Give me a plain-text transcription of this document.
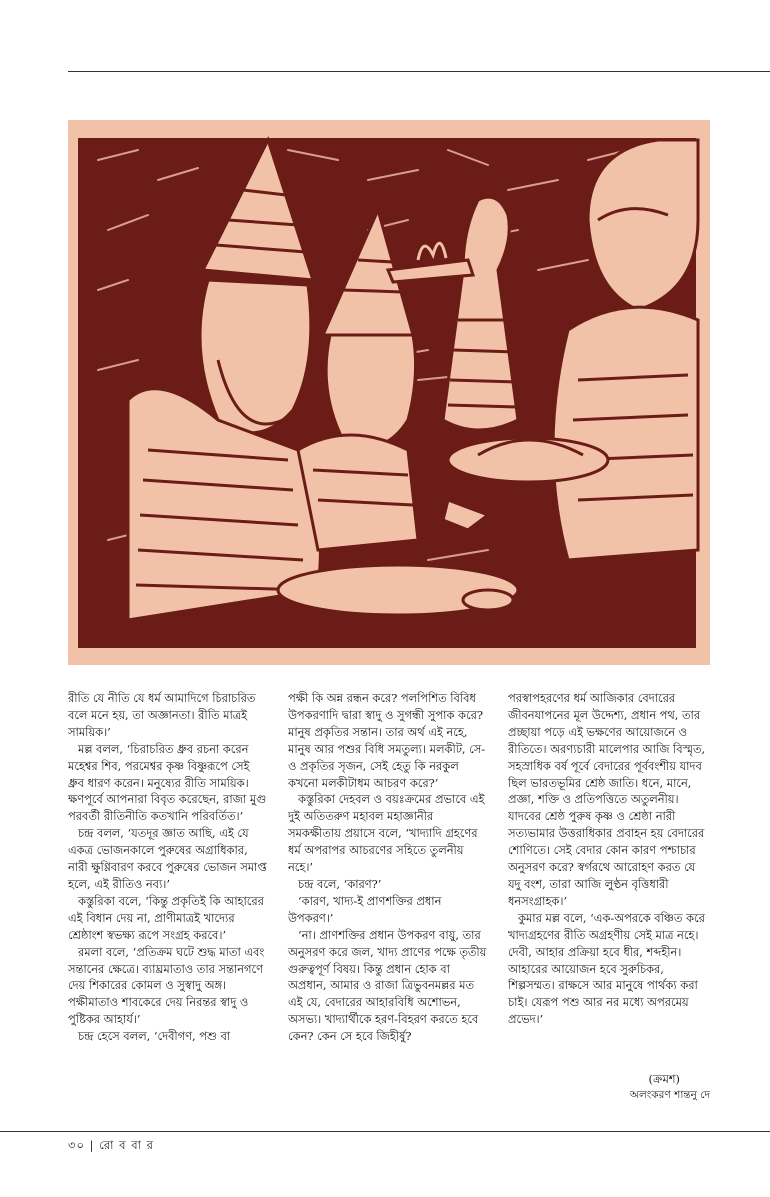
রীতি যে নীতি যে ধর্ম আমাদিগে চিরাচরিত বলে মনে হয়, তা অজ্ঞানতা। রীতি মাত্রই সাময়িক।’

মল্ল বলল, ‘চিরাচরিত ধ্রুব রচনা করেন মহেশ্বর শিব, পরমেশ্বর কৃষ্ণ বিষ্ণুরূপে সেই ধ্রুব ধারণ করেন। মনুষ্যের রীতি সাময়িক। ক্ষণপূর্বে আপনারা বিবৃত করেছেন, রাজা মুগু পরবর্তী রীতিনীতি কতখানি পরিবর্তিত।’

চন্দ্র বলল, ‘যতদূর জ্ঞাত আছি, এই যে একত্র ভোজনকালে পুরুষের অগ্রাধিকার, নারী ক্ষুণ্ণিবারণ করবে পুরুষের ভোজন সমাপ্ত হলে, এই রীতিও নব্য।’

কস্তুরিকা বলে, ‘কিন্তু প্রকৃতিই কি আহারের এই বিধান দেয় না, প্রাণীমাত্রই খাদ্যের শ্রেষ্ঠাংশ স্বভক্ষ্য রূপে সংগ্রহ করবে।’

রমলা বলে, ‘প্রতিক্রম ঘটে শুদ্ধ মাতা এবং সন্তানের ক্ষেত্রে। ব্যাঘ্রমাতাও তার সন্তানগণে দেয় শিকারের কোমল ও সুস্বাদু অঙ্গ। পক্ষীমাতাও শাবকেরে দেয় নিরন্তর স্বাদু ও পুষ্টিকর আহার্য।’

চন্দ্র হেসে বলল, ‘দেবীগণ, পশু বা

পক্ষী কি অন্ন রন্ধন করে? পলপিশিত বিবিধ উপকরণাদি দ্বারা স্বাদু ও সুগন্ধী সুপাক করে? মানুষ প্রকৃতির সন্তান। তার অর্থ এই নহে, মানুষ আর পশুর বিধি সমতুল্য। মলকীট, সে-ও প্রকৃতির সৃজন, সেই হেতু কি নরকুল কখনো মলকীটাধম আচরণ করে?’

কস্তুরিকা দেহবল ও বয়ঃক্রমের প্রভাবে এই দুই অতিতরুণ মহাবল মহাজ্ঞানীর সমকক্ষীতায় প্রয়াসে বলে, ‘খাদ্যাদি গ্রহণের ধর্ম অপরাপর আচরণের সহিতে তুলনীয় নহে।’

চন্দ্র বলে, ‘কারণ?’

‘কারণ, খাদ্য-ই প্রাণশক্তির প্রধান উপকরণ।’

‘না। প্রাণশক্তির প্রধান উপকরণ বায়ু, তার অনুসরণ করে জল, খাদ্য প্রাণের পক্ষে তৃতীয় গুরুত্বপূর্ণ বিষয়। কিন্তু প্রধান হোক বা অপ্রধান, আমার ও রাজা ত্রিভুবনমল্লর মত এই যে, বেদারের আহারবিধি অশোভন, অসভ্য। খাদ্যার্থীকে হরণ-বিহরণ করতে হবে কেন? কেন সে হবে জিহীর্ষু?

পরস্বাপহরণের ধর্ম আজিকার বেদারের জীবনযাপনের মূল উদ্দেশ্য, প্রধান পথ, তার প্রচ্ছায়া পড়ে এই ভক্ষণের আয়োজনে ও রীতিতে। অরণ্যচারী মালেপার আজি বিস্মৃত, সহস্রাধিক বর্ষ পূর্বে বেদারের পূর্ববংশীয় যাদব ছিল ভারতভূমির শ্রেষ্ঠ জাতি। ধনে, মানে, প্রজ্ঞা, শক্তি ও প্রতিপত্তিতে অতুলনীয়। যাদবের শ্রেষ্ঠ পুরুষ কৃষ্ণ ও শ্রেষ্ঠা নারী সত্যভামার উত্তরাধিকার প্রবাহন হয় বেদারের শোণিতে। সেই বেদার কোন কারণ পশ্চাচার অনুসরণ করে? স্বর্গরথে আরোহণ করত যে যদু বংশ, তারা আজি লুণ্ঠন বৃত্তিধারী ধনসংগ্রাহক।’

কুমার মল্ল বলে, ‘এক-অপরকে বঞ্চিত করে খাদ্যগ্রহণের রীতি অগ্রহণীয় সেই মাত্র নহে। দেবী, আহার প্রক্রিয়া হবে ধীর, শব্দহীন। আহারের আয়োজন হবে সুরুচিকর, শিল্পসম্মত। রাক্ষসে আর মানুষে পার্থক্য করা চাই। যেরূপ পশু আর নর মধ্যে অপরমেয় প্রভেদ।’

(ক্রমশ)
অলংকরণ শান্তনু দে
৩০ | রো ব বা র
